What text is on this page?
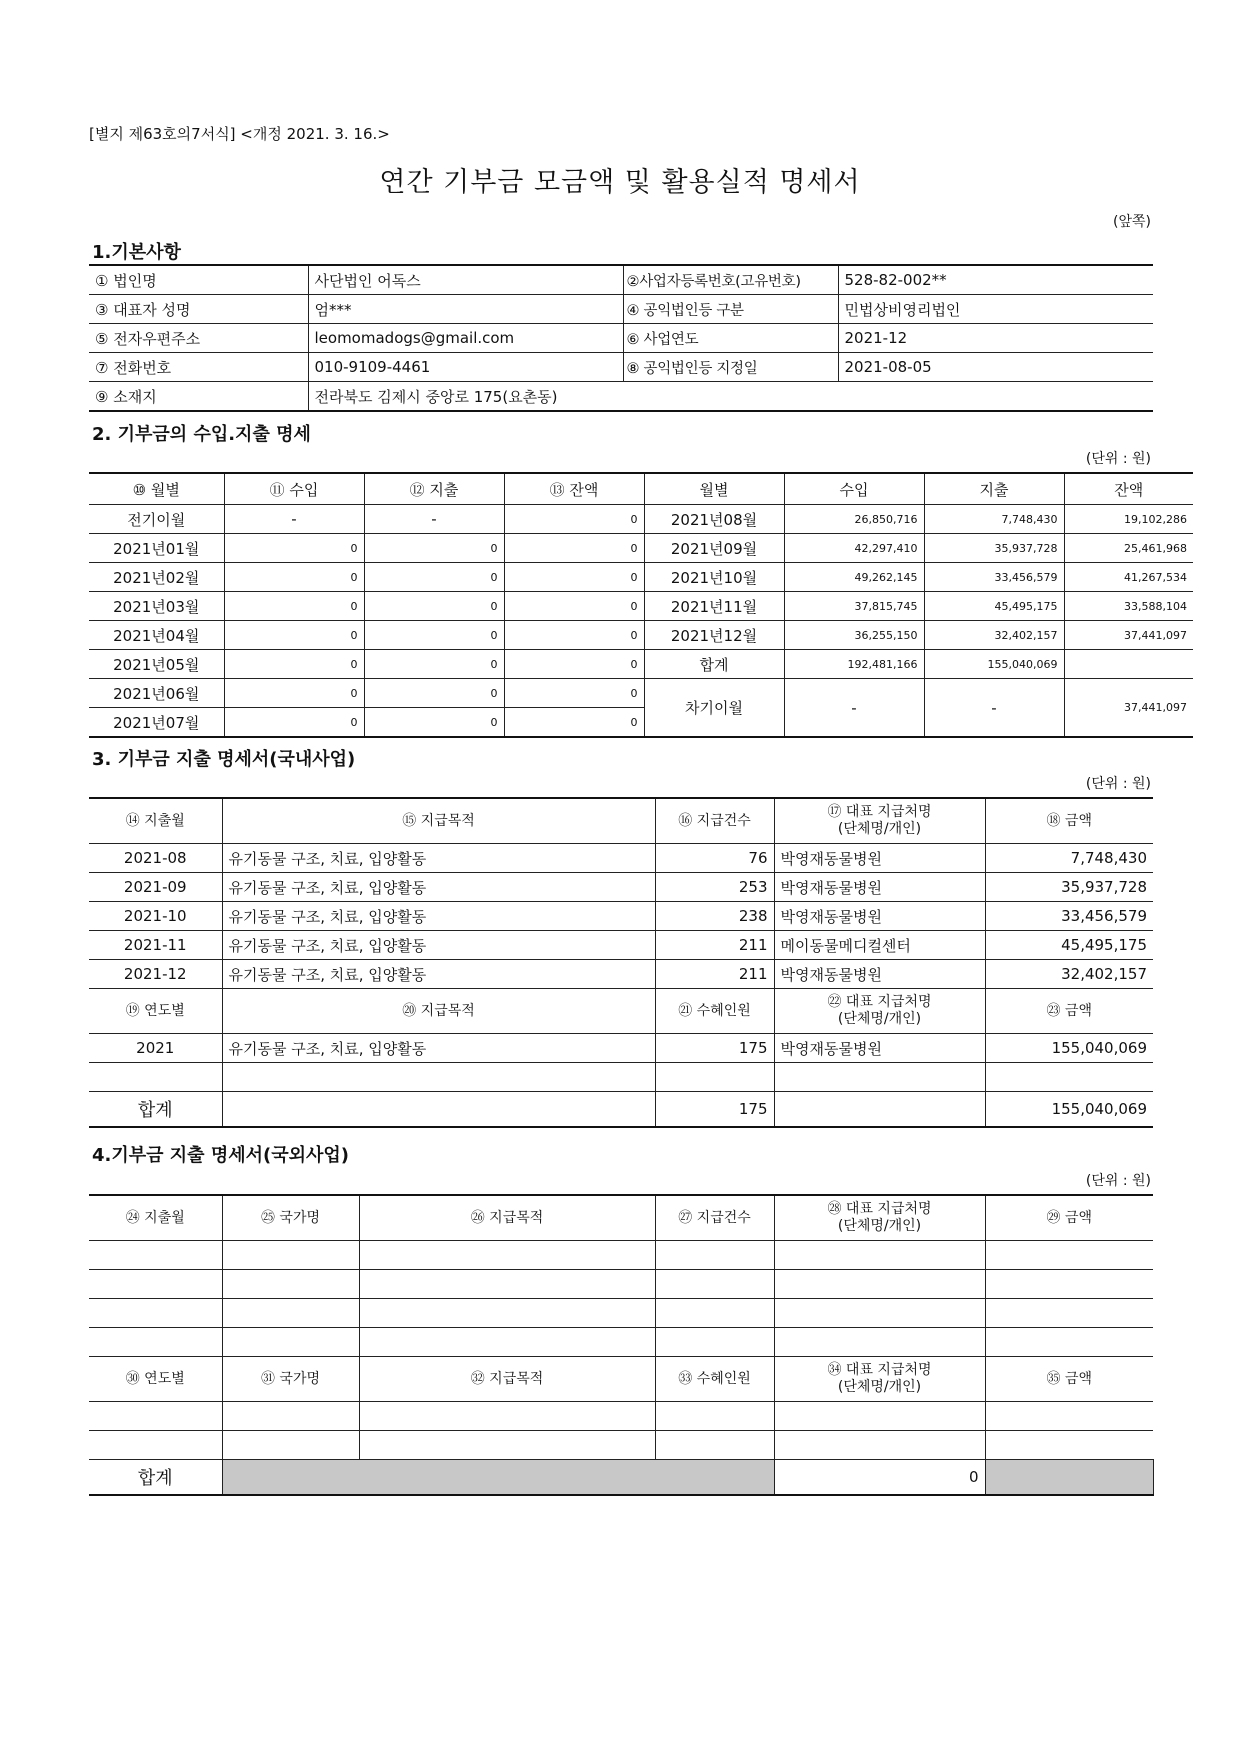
[별지 제63호의7서식] <개정 2021. 3. 16.>
연간 기부금 모금액 및 활용실적 명세서
(앞쪽)
1.기본사항
① 법인명	사단법인 어독스	②사업자등록번호(고유번호)	528-82-002**
③ 대표자 성명	엄***	④ 공익법인등 구분	민법상비영리법인
⑤ 전자우편주소	leomomadogs@gmail.com	⑥ 사업연도	2021-12
⑦ 전화번호	010-9109-4461	⑧ 공익법인등 지정일	2021-08-05
⑨ 소재지	전라북도 김제시 중앙로 175(요촌동)		
2. 기부금의 수입.지출 명세
(단위 : 원)
⑩ 월별	⑪ 수입	⑫ 지출	⑬ 잔액	월별	수입	지출	잔액
전기이월	-	-	0	2021년08월	26,850,716	7,748,430	19,102,286
2021년01월	0	0	0	2021년09월	42,297,410	35,937,728	25,461,968
2021년02월	0	0	0	2021년10월	49,262,145	33,456,579	41,267,534
2021년03월	0	0	0	2021년11월	37,815,745	45,495,175	33,588,104
2021년04월	0	0	0	2021년12월	36,255,150	32,402,157	37,441,097
2021년05월	0	0	0	합계	192,481,166	155,040,069	
2021년06월	0	0	0	차기이월	-	-	37,441,097
2021년07월	0	0	0				
3. 기부금 지출 명세서(국내사업)
(단위 : 원)
⑭ 지출월	⑮ 지급목적	⑯ 지급건수	⑰ 대표 지급처명
(단체명/개인)	⑱ 금액
2021-08	유기동물 구조, 치료, 입양활동	76	박영재동물병원	7,748,430
2021-09	유기동물 구조, 치료, 입양활동	253	박영재동물병원	35,937,728
2021-10	유기동물 구조, 치료, 입양활동	238	박영재동물병원	33,456,579
2021-11	유기동물 구조, 치료, 입양활동	211	메이동물메디컬센터	45,495,175
2021-12	유기동물 구조, 치료, 입양활동	211	박영재동물병원	32,402,157
⑲ 연도별	⑳ 지급목적	㉑ 수혜인원	㉒ 대표 지급처명
(단체명/개인)	㉓ 금액
2021	유기동물 구조, 치료, 입양활동	175	박영재동물병원	155,040,069

합계		175		155,040,069
4.기부금 지출 명세서(국외사업)
(단위 : 원)
㉔ 지출월	㉕ 국가명	㉖ 지급목적	㉗ 지급건수	㉘ 대표 지급처명
(단체명/개인)	㉙ 금액	

㉚ 연도별	㉛ 국가명	㉜ 지급목적	㉝ 수혜인원	㉞ 대표 지급처명
(단체명/개인)	㉟ 금액	

합계				0		
